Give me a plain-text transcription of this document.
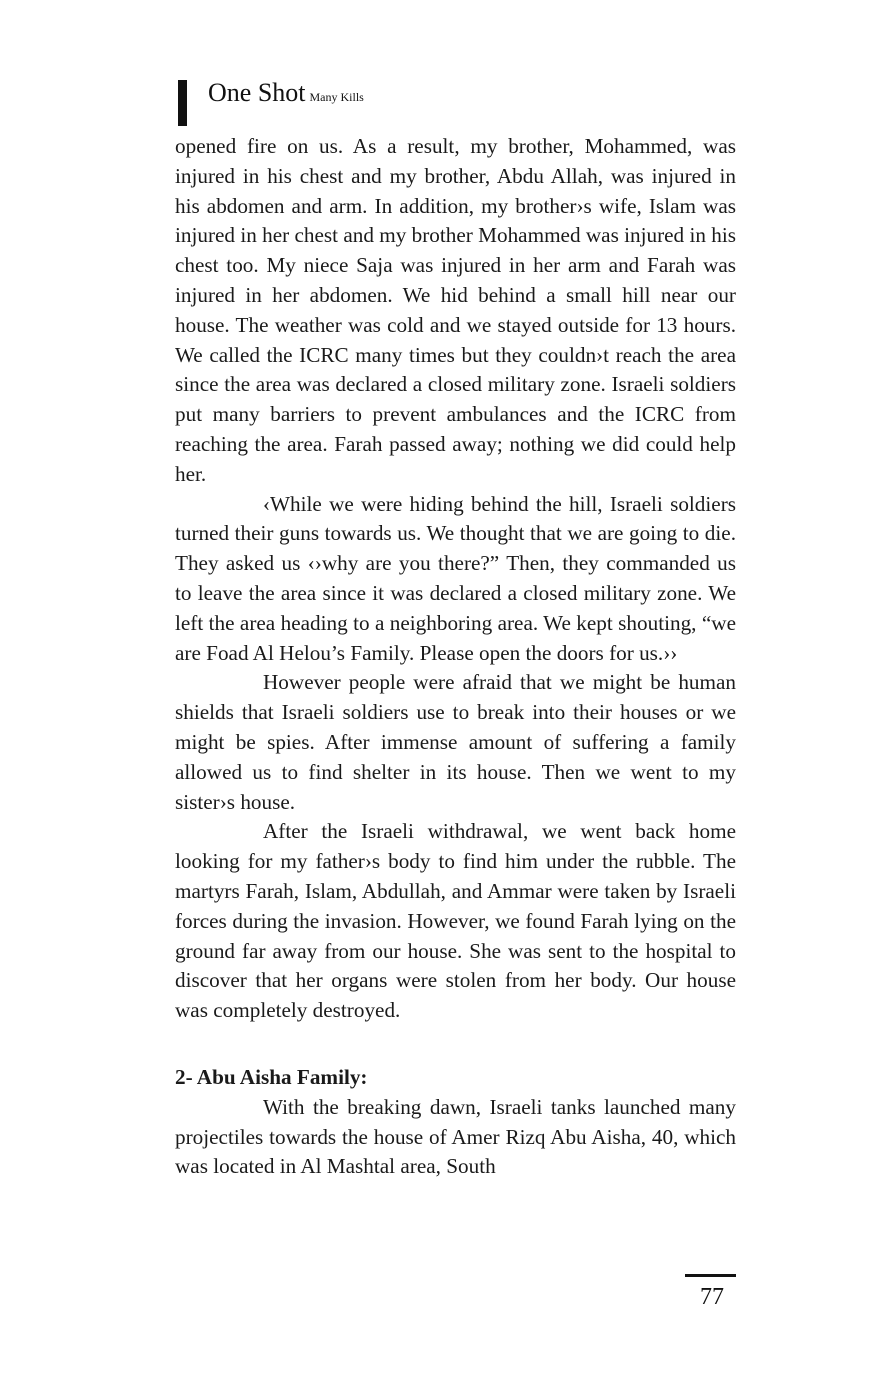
One Shot Many Kills

opened fire on us. As a result, my brother, Mohammed, was injured in his chest and my brother, Abdu Allah, was injured in his abdomen and arm. In addition, my brother›s wife, Islam was injured in her chest and my brother Mohammed was injured in his chest too. My niece Saja was injured in her arm and Farah was injured in her abdomen. We hid behind a small hill near our house. The weather was cold and we stayed outside for 13 hours. We called the ICRC many times but they couldn›t reach the area since the area was declared a closed military zone. Israeli soldiers put many barriers to prevent ambulances and the ICRC from reaching the area. Farah passed away; nothing we did could help her.

‹While we were hiding behind the hill, Israeli soldiers turned their guns towards us. We thought that we are going to die. They asked us ‹›why are you there?” Then, they commanded us to leave the area since it was declared a closed military zone. We left the area heading to a neighboring area. We kept shouting, “we are Foad Al Helou’s Family. Please open the doors for us.››

However people were afraid that we might be human shields that Israeli soldiers use to break into their houses or we might be spies. After immense amount of suffering a family allowed us to find shelter in its house. Then we went to my sister›s house.

After the Israeli withdrawal, we went back home looking for my father›s body to find him under the rubble. The martyrs Farah, Islam, Abdullah, and Ammar were taken by Israeli forces during the invasion. However, we found Farah lying on the ground far away from our house. She was sent to the hospital to discover that her organs were stolen from her body. Our house was completely destroyed.

2- Abu Aisha Family:

With the breaking dawn, Israeli tanks launched many projectiles towards the house of Amer Rizq Abu Aisha, 40, which was located in Al Mashtal area, South

77
